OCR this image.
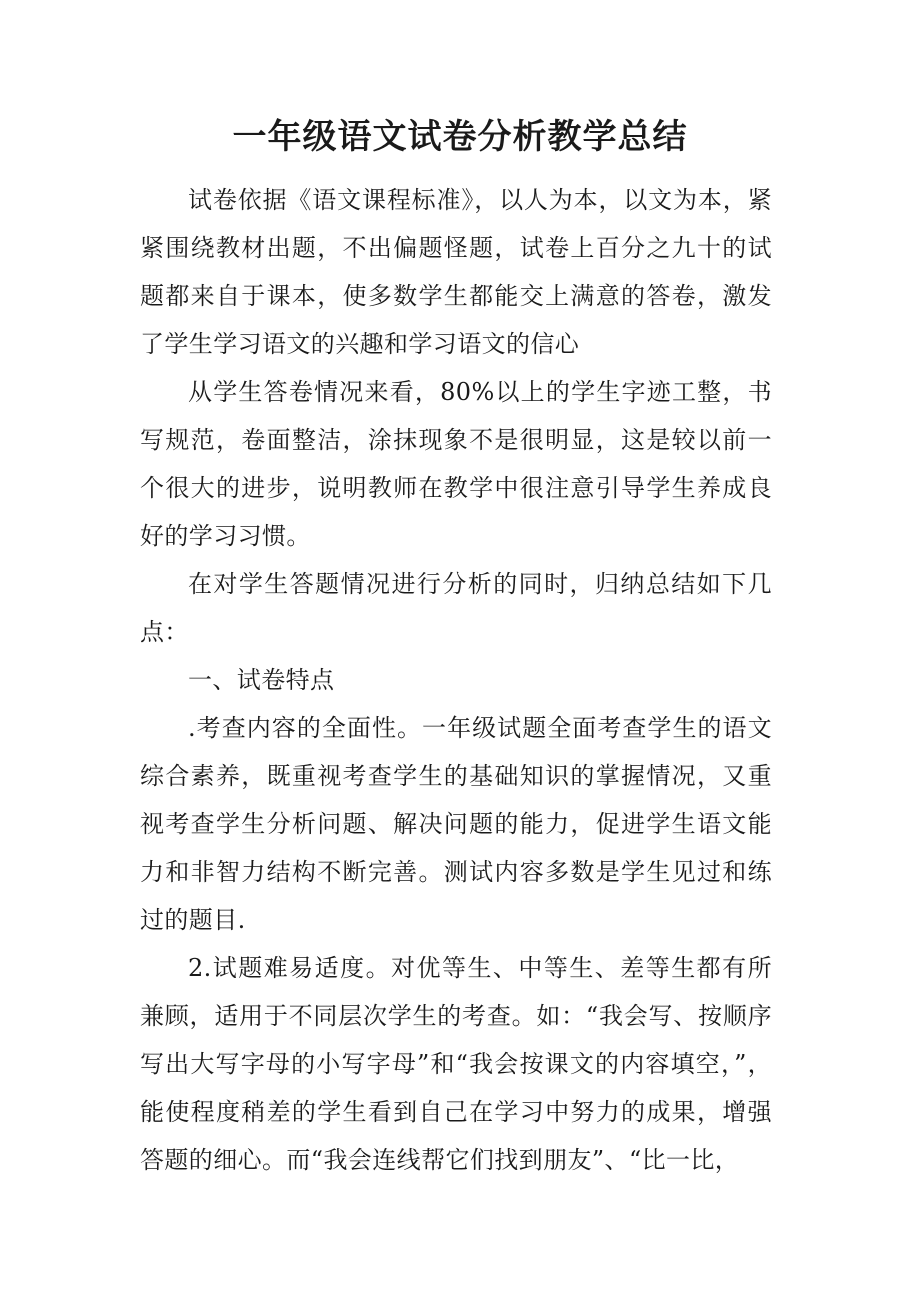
一年级语文试卷分析教学总结

试卷依据《语文课程标准》，以人为本，以文为本，紧紧围绕教材出题，不出偏题怪题，试卷上百分之九十的试题都来自于课本，使多数学生都能交上满意的答卷，激发了学生学习语文的兴趣和学习语文的信心

从学生答卷情况来看，80%以上的学生字迹工整，书写规范，卷面整洁，涂抹现象不是很明显，这是较以前一个很大的进步，说明教师在教学中很注意引导学生养成良好的学习习惯。

在对学生答题情况进行分析的同时，归纳总结如下几点：

一、试卷特点

.考查内容的全面性。一年级试题全面考查学生的语文综合素养，既重视考查学生的基础知识的掌握情况，又重视考查学生分析问题、解决问题的能力，促进学生语文能力和非智力结构不断完善。测试内容多数是学生见过和练过的题目.

2.试题难易适度。对优等生、中等生、差等生都有所兼顾，适用于不同层次学生的考查。如：“我会写、按顺序写出大写字母的小写字母”和“我会按课文的内容填空，”，能使程度稍差的学生看到自己在学习中努力的成果，增强答题的细心。而“我会连线帮它们找到朋友”、“比一比，
